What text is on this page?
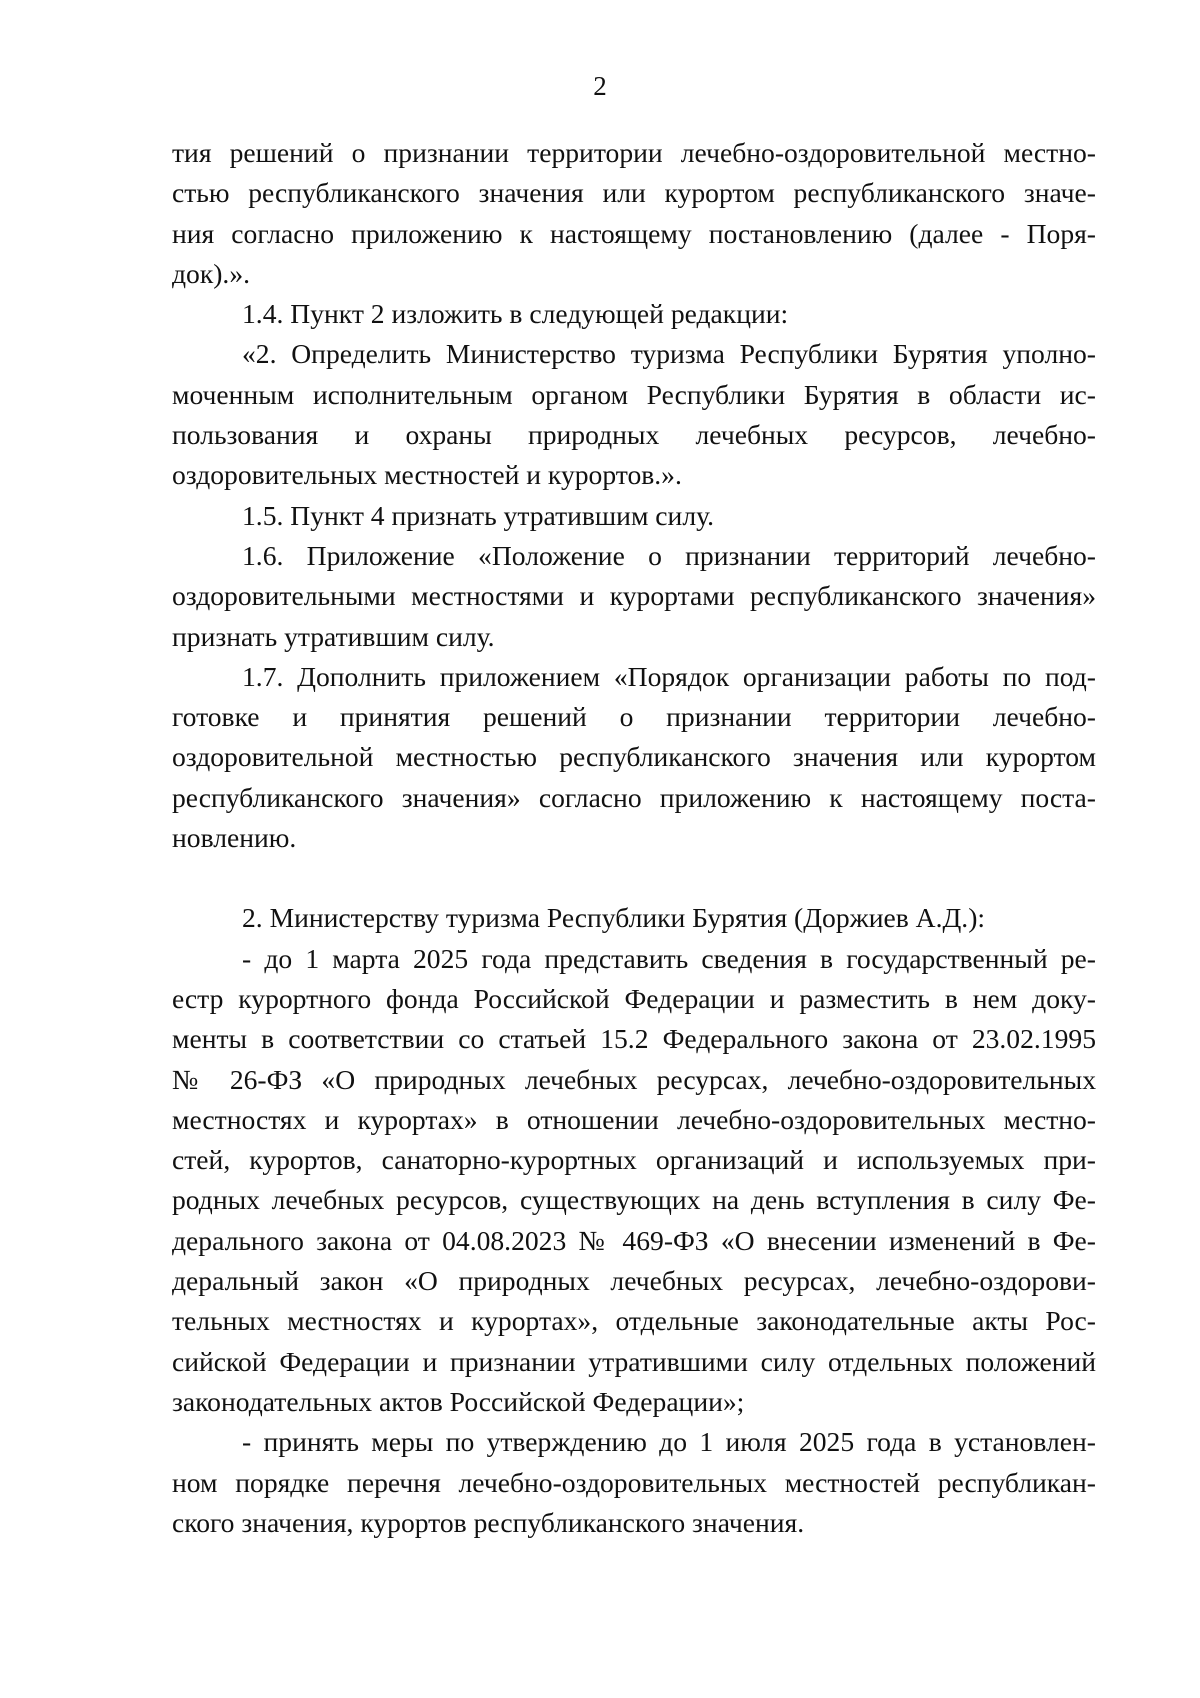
2
тия решений о признании территории лечебно-оздоровительной местно-
стью республиканского значения или курортом республиканского значе-
ния согласно приложению к настоящему постановлению (далее - Поря-
док).».
1.4. Пункт 2 изложить в следующей редакции:
«2. Определить Министерство туризма Республики Бурятия уполно-
моченным исполнительным органом Республики Бурятия в области ис-
пользования и охраны природных лечебных ресурсов, лечебно-
оздоровительных местностей и курортов.».
1.5. Пункт 4 признать утратившим силу.
1.6. Приложение «Положение о признании территорий лечебно-
оздоровительными местностями и курортами республиканского значения»
признать утратившим силу.
1.7. Дополнить приложением «Порядок организации работы по под-
готовке и принятия решений о признании территории лечебно-
оздоровительной местностью республиканского значения или курортом
республиканского значения» согласно приложению к настоящему поста-
новлению.
2. Министерству туризма Республики Бурятия (Доржиев А.Д.):
- до 1 марта 2025 года представить сведения в государственный ре-
естр курортного фонда Российской Федерации и разместить в нем доку-
менты в соответствии со статьей 15.2 Федерального закона от 23.02.1995
№ 26-ФЗ «О природных лечебных ресурсах, лечебно-оздоровительных
местностях и курортах» в отношении лечебно-оздоровительных местно-
стей, курортов, санаторно-курортных организаций и используемых при-
родных лечебных ресурсов, существующих на день вступления в силу Фе-
дерального закона от 04.08.2023 № 469-ФЗ «О внесении изменений в Фе-
деральный закон «О природных лечебных ресурсах, лечебно-оздорови-
тельных местностях и курортах», отдельные законодательные акты Рос-
сийской Федерации и признании утратившими силу отдельных положений
законодательных актов Российской Федерации»;
- принять меры по утверждению до 1 июля 2025 года в установлен-
ном порядке перечня лечебно-оздоровительных местностей республикан-
ского значения, курортов республиканского значения.
